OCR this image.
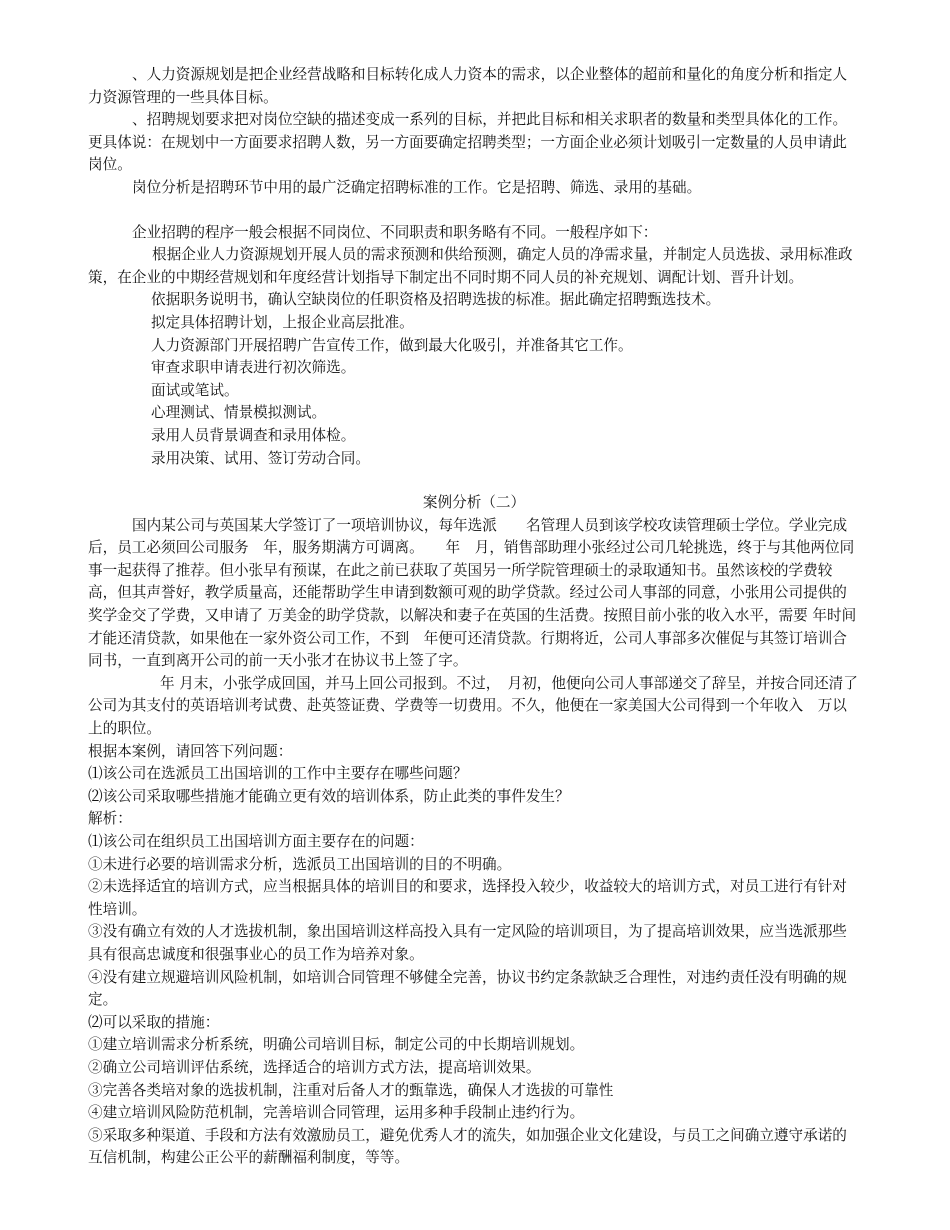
、人力资源规划是把企业经营战略和目标转化成人力资本的需求，以企业整体的超前和量化的角度分析和指定人力资源管理的一些具体目标。

、招聘规划要求把对岗位空缺的描述变成一系列的目标，并把此目标和相关求职者的数量和类型具体化的工作。更具体说：在规划中一方面要求招聘人数，另一方面要确定招聘类型；一方面企业必须计划吸引一定数量的人员申请此岗位。

岗位分析是招聘环节中用的最广泛确定招聘标准的工作。它是招聘、筛选、录用的基础。

企业招聘的程序一般会根据不同岗位、不同职责和职务略有不同。一般程序如下：

根据企业人力资源规划开展人员的需求预测和供给预测，确定人员的净需求量，并制定人员选拔、录用标准政策，在企业的中期经营规划和年度经营计划指导下制定出不同时期不同人员的补充规划、调配计划、晋升计划。

依据职务说明书，确认空缺岗位的任职资格及招聘选拔的标准。据此确定招聘甄选技术。

拟定具体招聘计划，上报企业高层批准。

人力资源部门开展招聘广告宣传工作，做到最大化吸引，并准备其它工作。

审查求职申请表进行初次筛选。

面试或笔试。

心理测试、情景模拟测试。

录用人员背景调查和录用体检。

录用决策、试用、签订劳动合同。

案例分析（二）

国内某公司与英国某大学签订了一项培训协议，每年选派　　名管理人员到该学校攻读管理硕士学位。学业完成后，员工必须回公司服务　年，服务期满方可调离。　　年　月，销售部助理小张经过公司几轮挑选，终于与其他两位同事一起获得了推荐。但小张早有预谋，在此之前已获取了英国另一所学院管理硕士的录取通知书。虽然该校的学费较高，但其声誉好，教学质量高，还能帮助学生申请到数额可观的助学贷款。经过公司人事部的同意，小张用公司提供的奖学金交了学费，又申请了 万美金的助学贷款，以解决和妻子在英国的生活费。按照目前小张的收入水平，需要 年时间才能还清贷款，如果他在一家外资公司工作，不到　年便可还清贷款。行期将近，公司人事部多次催促与其签订培训合同书，一直到离开公司的前一天小张才在协议书上签了字。

年 月末，小张学成回国，并马上回公司报到。不过，　月初，他便向公司人事部递交了辞呈，并按合同还清了公司为其支付的英语培训考试费、赴英签证费、学费等一切费用。不久，他便在一家美国大公司得到一个年收入　万以上的职位。

根据本案例，请回答下列问题：

⑴该公司在选派员工出国培训的工作中主要存在哪些问题？

⑵该公司采取哪些措施才能确立更有效的培训体系，防止此类的事件发生？

解析：

⑴该公司在组织员工出国培训方面主要存在的问题：

①未进行必要的培训需求分析，选派员工出国培训的目的不明确。

②未选择适宜的培训方式，应当根据具体的培训目的和要求，选择投入较少，收益较大的培训方式，对员工进行有针对性培训。

③没有确立有效的人才选拔机制，象出国培训这样高投入具有一定风险的培训项目，为了提高培训效果，应当选派那些具有很高忠诚度和很强事业心的员工作为培养对象。

④没有建立规避培训风险机制，如培训合同管理不够健全完善，协议书约定条款缺乏合理性，对违约责任没有明确的规定。

⑵可以采取的措施：

①建立培训需求分析系统，明确公司培训目标，制定公司的中长期培训规划。

②确立公司培训评估系统，选择适合的培训方式方法，提高培训效果。

③完善各类培对象的选拔机制，注重对后备人才的甄靠选，确保人才选拔的可靠性

④建立培训风险防范机制，完善培训合同管理，运用多种手段制止违约行为。

⑤采取多种渠道、手段和方法有效激励员工，避免优秀人才的流失，如加强企业文化建设，与员工之间确立遵守承诺的互信机制，构建公正公平的薪酬福利制度，等等。
